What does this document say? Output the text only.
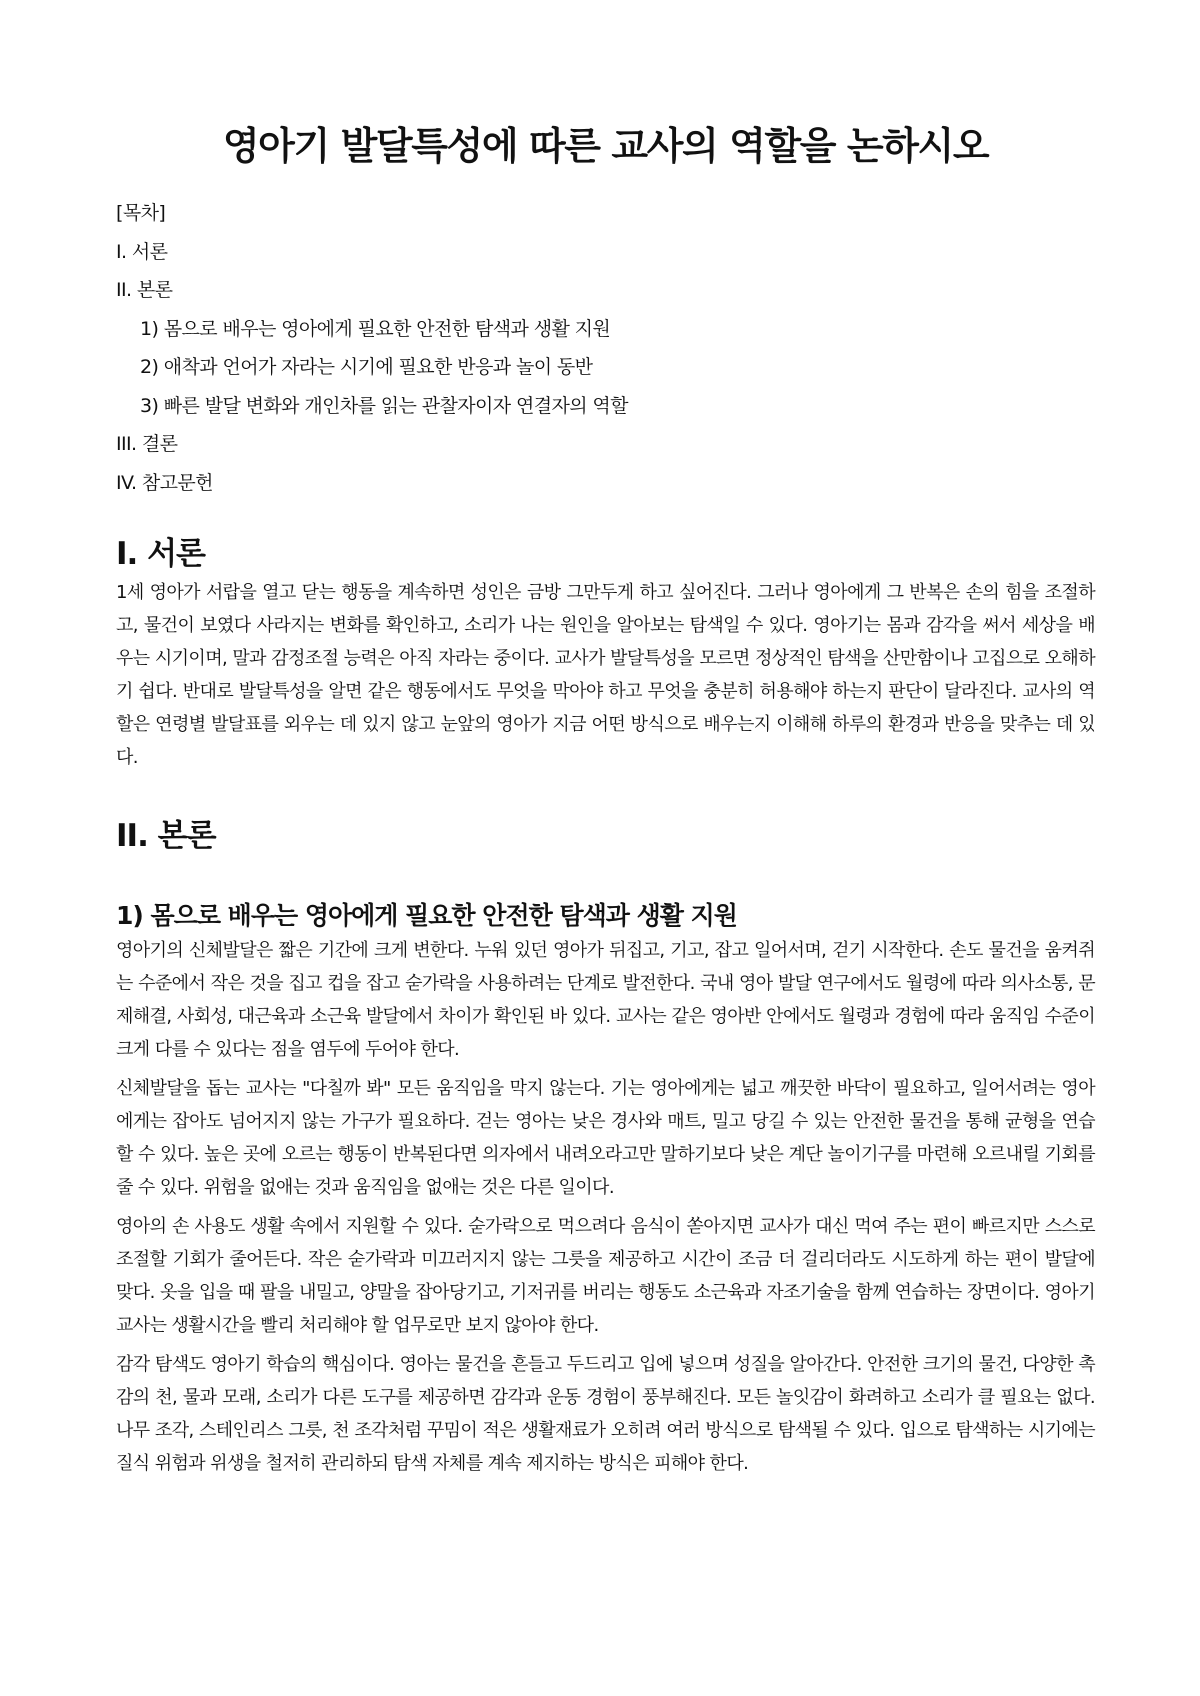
영아기 발달특성에 따른 교사의 역할을 논하시오
[목차]
I. 서론
II. 본론
1) 몸으로 배우는 영아에게 필요한 안전한 탐색과 생활 지원
2) 애착과 언어가 자라는 시기에 필요한 반응과 놀이 동반
3) 빠른 발달 변화와 개인차를 읽는 관찰자이자 연결자의 역할
III. 결론
IV. 참고문헌
I. 서론

1세 영아가 서랍을 열고 닫는 행동을 계속하면 성인은 금방 그만두게 하고 싶어진다. 그러나 영아에게 그 반복은 손의 힘을 조절하고, 물건이 보였다 사라지는 변화를 확인하고, 소리가 나는 원인을 알아보는 탐색일 수 있다. 영아기는 몸과 감각을 써서 세상을 배우는 시기이며, 말과 감정조절 능력은 아직 자라는 중이다. 교사가 발달특성을 모르면 정상적인 탐색을 산만함이나 고집으로 오해하기 쉽다. 반대로 발달특성을 알면 같은 행동에서도 무엇을 막아야 하고 무엇을 충분히 허용해야 하는지 판단이 달라진다. 교사의 역할은 연령별 발달표를 외우는 데 있지 않고 눈앞의 영아가 지금 어떤 방식으로 배우는지 이해해 하루의 환경과 반응을 맞추는 데 있다.

II. 본론
1) 몸으로 배우는 영아에게 필요한 안전한 탐색과 생활 지원

영아기의 신체발달은 짧은 기간에 크게 변한다. 누워 있던 영아가 뒤집고, 기고, 잡고 일어서며, 걷기 시작한다. 손도 물건을 움켜쥐는 수준에서 작은 것을 집고 컵을 잡고 숟가락을 사용하려는 단계로 발전한다. 국내 영아 발달 연구에서도 월령에 따라 의사소통, 문제해결, 사회성, 대근육과 소근육 발달에서 차이가 확인된 바 있다. 교사는 같은 영아반 안에서도 월령과 경험에 따라 움직임 수준이 크게 다를 수 있다는 점을 염두에 두어야 한다.

신체발달을 돕는 교사는 "다칠까 봐" 모든 움직임을 막지 않는다. 기는 영아에게는 넓고 깨끗한 바닥이 필요하고, 일어서려는 영아에게는 잡아도 넘어지지 않는 가구가 필요하다. 걷는 영아는 낮은 경사와 매트, 밀고 당길 수 있는 안전한 물건을 통해 균형을 연습할 수 있다. 높은 곳에 오르는 행동이 반복된다면 의자에서 내려오라고만 말하기보다 낮은 계단 놀이기구를 마련해 오르내릴 기회를 줄 수 있다. 위험을 없애는 것과 움직임을 없애는 것은 다른 일이다.

영아의 손 사용도 생활 속에서 지원할 수 있다. 숟가락으로 먹으려다 음식이 쏟아지면 교사가 대신 먹여 주는 편이 빠르지만 스스로 조절할 기회가 줄어든다. 작은 숟가락과 미끄러지지 않는 그릇을 제공하고 시간이 조금 더 걸리더라도 시도하게 하는 편이 발달에 맞다. 옷을 입을 때 팔을 내밀고, 양말을 잡아당기고, 기저귀를 버리는 행동도 소근육과 자조기술을 함께 연습하는 장면이다. 영아기 교사는 생활시간을 빨리 처리해야 할 업무로만 보지 않아야 한다.

감각 탐색도 영아기 학습의 핵심이다. 영아는 물건을 흔들고 두드리고 입에 넣으며 성질을 알아간다. 안전한 크기의 물건, 다양한 촉감의 천, 물과 모래, 소리가 다른 도구를 제공하면 감각과 운동 경험이 풍부해진다. 모든 놀잇감이 화려하고 소리가 클 필요는 없다. 나무 조각, 스테인리스 그릇, 천 조각처럼 꾸밈이 적은 생활재료가 오히려 여러 방식으로 탐색될 수 있다. 입으로 탐색하는 시기에는 질식 위험과 위생을 철저히 관리하되 탐색 자체를 계속 제지하는 방식은 피해야 한다.
